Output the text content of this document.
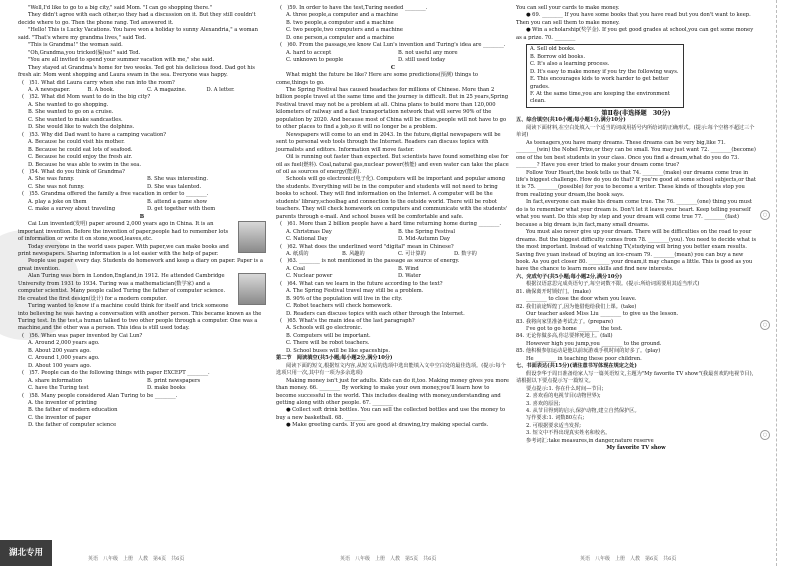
○
○
○

"Well,I'd like to go to a big city," said Mom. "I can go shopping there."

They didn't agree with each other,so they had a discussion on it. But they still couldn't decide where to go. Then the phone rang. Ted answered it.

"Hello! This is Lucky Vacations. You have won a holiday to sunny Alexandria," a woman said. "That's where my grandma lives," said Ted.

"This is Grandma!" the woman said.

"Oh,Grandma,you tricked(骗)us!" said Ted.

"You are all invited to spend your summer vacation with me," she said.

They stayed at Grandma's home for two weeks. Ted got his delicious food. Dad got his fresh air. Mom went shopping and Laura swam in the sea. Everyone was happy.

(　)51. What did Laura carry when she ran into the room?

A. A newspaper.	B. A book.	C. A magazine.	D. A letter.

(　)52. What did Mom want to do in the big city?

A. She wanted to go shopping.

B. She wanted to go on a cruise.

C. She wanted to make sandcastles.

D. She would like to watch the dolphins.

(　)53. Why did Dad want to have a camping vacation?

A. Because he could visit his mother.

B. Because he could eat lots of seafood.

C. Because he could enjoy the fresh air.

D. Because he was able to swim in the sea.

(　)54. What do you think of Grandma?

A. She was funny.	B. She was interesting.
C. She was not funny.	D. She was talented.

(　)55. Grandma offered the family a free vacation in order to ________.

A. play a joke on them	B. attend a game show
C. make a survey about traveling	D. get together with them

B

Cai Lun invented(发明) paper around 2,000 years ago in China. It is an important invention. Before the invention of paper,people had to remember lots of information or write it on stone,wood,leaves,etc.

Today everyone in the world uses paper. With paper,we can make books and print newspapers. Sharing information is a lot easier with the help of paper.

People use paper every day. Students do homework and keep a diary on paper. Paper is a great invention.

Alan Turing was born in London,England,in 1912. He attended Cambridge University from 1931 to 1934. Turing was a mathematician(数学家) and a computer scientist. Many people called Turing the father of computer science. He created the first design(设计) for a modern computer.

Turing wanted to know if a machine could think for itself and trick someone into believing he was having a conversation with another person. This became known as the Turing test. In the test,a human talked to two other people through a computer. One was a machine,and the other was a person. This idea is still used today.

(　)56. When was paper invented by Cai Lun?

A. Around 2,000 years ago.

B. About 200 years ago.

C. Around 1,000 years ago.

D. About 100 years ago.

(　)57. People can do the following things with paper EXCEPT ________.

A. share information	B. print newspapers
C. have the Turing test	D. make books

(　)58. Many people considered Alan Turing to be ________.

A. the inventor of printing

B. the father of modern education

C. the inventor of paper

D. the father of computer science

(　)59. In order to have the test,Turing needed ________.

A. three people,a computer and a machine

B. two people,a computer and a machine

C. two people,two computers and a machine

D. one person,a computer and a machine

(　)60. From the passage,we know Cai Lun's invention and Turing's idea are ________.

A. hard to accept	B. not useful any more
C. unknown to people	D. still used today

C

What might the future be like? Here are some predictions(预测) things to come,things to go.

The Spring Festival has caused headaches for millions of Chinese. More than 2 billion people travel at the same time and the journey is difficult. But in 25 years,Spring Festival travel may not be a problem at all. China plans to build more than 120,000 kilometers of railway and a fast transportation network that will serve 90% of the population by 2020. And because most of China will be cities,people will not have to go to other places to find a job,so it will no longer be a problem.

Newspapers will come to an end in 2043. In the future,digital newspapers will be sent to personal web tools through the Internet. Readers can discuss topics with journalists and editors. Information will move faster.

Oil is running out faster than expected. But scientists have found something else for oil as fuel(燃料). Coal,natural gas,nuclear power(核能) and even water can take the place of oil as sources of energy(能源).

Schools will go electronic(电子化). Computers will be important and popular among the students. Everything will be in the computer and students will not need to bring books to school. They will find information on the Internet. A computer will be the students' library,schoolbag and connection to the outside world. There will be robot teachers. They will check homework on computers and communicate with the students' parents through e-mail. And school buses will be comfortable and safe.

(　)61. More than 2 billion people have a hard time returning home during ________.

A. Christmas Day	B. the Spring Festival
C. National Day	D. Mid-Autumn Day

(　)62. What does the underlined word "digital" mean in Chinese?

A. 纸质的	B. 风趣的	C. 可计算的	D. 数字的

(　)63. ________ is not mentioned in the passage as source of energy.

A. Coal	B. Wind
C. Nuclear power	D. Water

(　)64. What can we learn in the future according to the text?

A. The Spring Festival travel may still be a problem.

B. 90% of the population will live in the city.

C. Robot teachers will check homework.

D. Readers can discuss topics with each other through the Internet.

(　)65. What's the main idea of the last paragraph?

A. Schools will go electronic.

B. Computers will be important.

C. There will be robot teachers.

D. School buses will be like spaceships.

第二节　阅读填空(共5小题;每小题2分,满分10分)

阅读下面的短文,根据短文内容,从短文后的选项中选出能填入文中空白处的最佳选项。(提示:每个选项只用一次,其中有一项为多余选项)

Making money isn't just for adults. Kids can do it,too. Making money gives you more than money. 66. ________ By working to make your own money,you'll learn how to become successful in the world. This includes dealing with money,understanding and getting along with other people. 67. ________

● Collect soft drink bottles. You can sell the collected bottles and use the money to buy a new basketball. 68. ________

● Make greeting cards. If you are good at drawing,try making special cards.

You can sell your cards to make money.

● 69. ________ If you have some books that you have read but you don't want to keep. Then you can sell them to make money.

● Win a scholarship(奖学金). If you get good grades at school,you can get some money as a prize. 70. ________

A. Sell old books.

B. Borrow old books.

C. It's also a learning process.

D. It's easy to make money if you try the following ways.

E. This encourages kids to work harder to get better grades.

F. At the same time,you are keeping the environment clean.

第Ⅱ卷(非选择题　30分)

五、综合填空(共10小题;每小题1分,满分10分)

阅读下面材料,在空白处填入一个适当的词或用括号内所给词的正确形式。(提示:每个空格不超过三个单词)

As teenagers,you have many dreams. These dreams can be very big,like 71. ________(win) the Nobel Prize,or they can be small. You may just want 72. ________(become) one of the ten best students in your class. Once you find a dream,what do you do 73. ________? Have you ever tried to make your dream come true?

Follow Your Heart,the book tells us that 74. ________(make) our dreams come true in life's biggest challenge. How do you do that? If you're good at some school subjects,or that it is 75. ________(possible) for you to become a writer. These kinds of thoughts stop you from realizing your dream,the book says.

In fact,everyone can make his dream come true. The 76. ________(one) thing you must do is to remember what your dream is. Don't let it leave your heart. Keep telling yourself what you want. Do this step by step and your dream will come true 77. ________(fast) because a big dream is,in fact,many small dreams.

You must also never give up your dream. There will be difficulties on the road to your dreams. But the biggest difficulty comes from 78. ________(you). You need to decide what is the most important. Instead of watching TV,studying will bring you better exam results. Saving five yuan instead of buying an ice-cream 79. ________(mean) you can buy a new book. As you get closer 80. ________ your dream,it may change a little. This is good as you have the chance to learn more skills and find new interests.

六、完成句子(共5小题;每小题2分,满分10分)

根据汉语意思完成英语句子,每空词数不限。(提示:所给词需要用其适当形式)

81. 确保离开时锁好门。(make)

________ to close the door when you leave.

82. 我们前途辉煌了,因为他借他给我们上课。(take)

Our teacher asked Miss Liu ________ to give us the lesson.

83. 我将向家里准备考试去了。(prepare)

I've got to go home ________ the test.

84. 无论你做多高,你总要摔死地上。(fall)

However high you jump,you ________ to the ground.

85. 他积极参加运动是他以前玩游戏手机时间的好多了。(play)

He ________ in teaching these poor children.

七、书面表达(共15分)(请注意书写体现在规定之处)

假设李华于周日准备给家人写一篇英语短文,主题为"My favorite TV show"(我最喜欢的电视节目),请根据以下要点提示写一篇短文。

要点提示:1. 你在什么时间—节目;

2. 喜欢看的电视节目(动物世界);

3. 喜欢的原因;

4. 从节目得到的启示,保护动物,建立自然保护区。

写作要求:1. 词数80左右;

2. 可根据要求适当发挥;

3. 短文中不得出现真实姓名和校名。

参考词汇:take measures,in danger,nature reserve

My favorite TV show

湖北专用
英语　八年级　上册　人教　第4页　共6页	英语　八年级　上册　人教　第5页　共6页	英语　八年级　上册　人教　第6页　共6页
